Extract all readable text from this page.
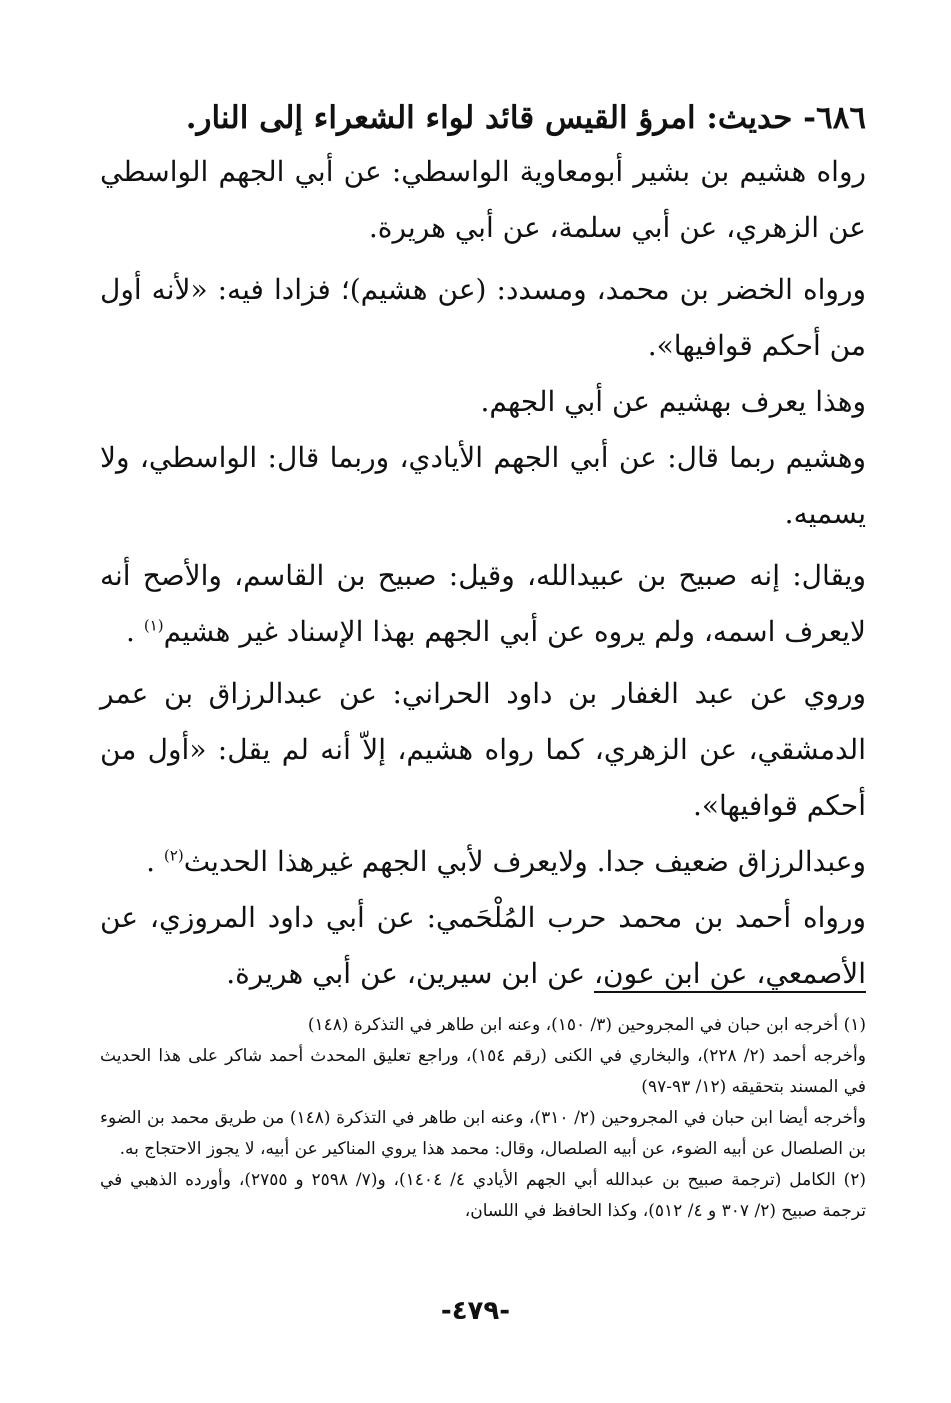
٦٨٦- حديث: امرؤ القيس قائد لواء الشعراء إلى النار.

رواه هشيم بن بشير أبومعاوية الواسطي: عن أبي الجهم الواسطي عن الزهري، عن أبي سلمة، عن أبي هريرة.

ورواه الخضر بن محمد، ومسدد: (عن هشيم)؛ فزادا فيه: «لأنه أول من أحكم قوافيها».

وهذا يعرف بهشيم عن أبي الجهم.

وهشيم ربما قال: عن أبي الجهم الأيادي، وربما قال: الواسطي، ولا يسميه.

ويقال: إنه صبيح بن عبيدالله، وقيل: صبيح بن القاسم، والأصح أنه لايعرف اسمه، ولم يروه عن أبي الجهم بهذا الإسناد غير هشيم$^{(١)}$ .

وروي عن عبد الغفار بن داود الحراني: عن عبدالرزاق بن عمر الدمشقي، عن الزهري، كما رواه هشيم، إلاّ أنه لم يقل: «أول من أحكم قوافيها».

وعبدالرزاق ضعيف جدا. ولايعرف لأبي الجهم غيرهذا الحديث$^{(٢)}$ .

ورواه أحمد بن محمد حرب المُلْحَمي: عن أبي داود المروزي، عن الأصمعي، عن ابن عون، عن ابن سيرين، عن أبي هريرة.

(١) أخرجه ابن حبان في المجروحين (٣/ ١٥٠)، وعنه ابن طاهر في التذكرة (١٤٨)

وأخرجه أحمد (٢/ ٢٢٨)، والبخاري في الكنى (رقم ١٥٤)، وراجع تعليق المحدث أحمد شاكر على هذا الحديث في المسند بتحقيقه (١٢/ ٩٣-٩٧)

وأخرجه أيضا ابن حبان في المجروحين (٢/ ٣١٠)، وعنه ابن طاهر في التذكرة (١٤٨) من طريق محمد بن الضوء بن الصلصال عن أبيه الضوء، عن أبيه الصلصال، وقال: محمد هذا يروي المناكير عن أبيه، لا يجوز الاحتجاج به.

(٢) الكامل (ترجمة صبيح بن عبدالله أبي الجهم الأيادي ٤/ ١٤٠٤)، و(٧/ ٢٥٩٨ و ٢٧٥٥)، وأورده الذهبي في ترجمة صبيح (٢/ ٣٠٧ و ٤/ ٥١٢)، وكذا الحافظ في اللسان،

-٤٧٩-
